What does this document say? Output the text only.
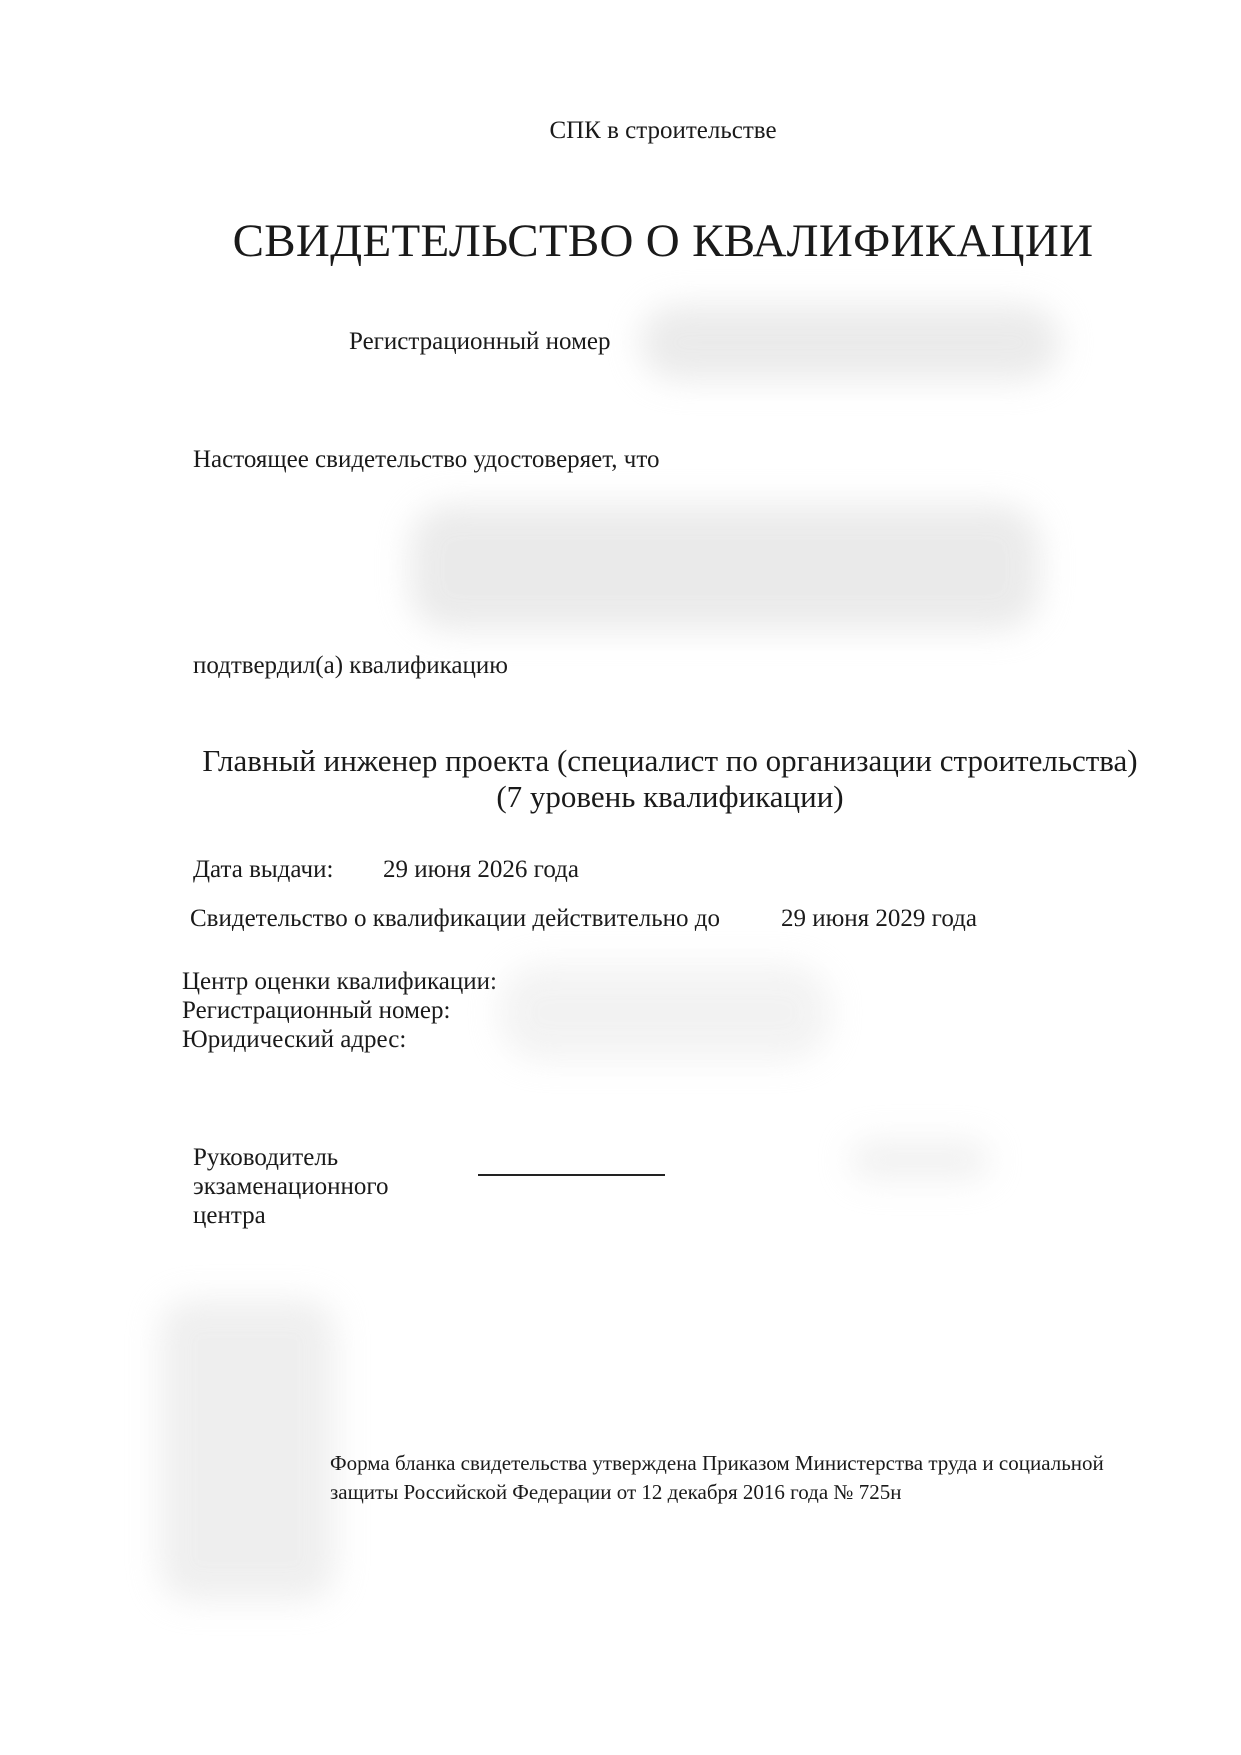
СПК в строительстве
СВИДЕТЕЛЬСТВО О КВАЛИФИКАЦИИ
Регистрационный номер
Настоящее свидетельство удостоверяет, что
подтвердил(а) квалификацию
Главный инженер проекта (специалист по организации строительства) (7 уровень квалификации)
Дата выдачи: 29 июня 2026 года
Свидетельство о квалификации действительно до 29 июня 2029 года
Центр оценки квалификации:
Регистрационный номер:
Юридический адрес:
Руководитель экзаменационного центра
Форма бланка свидетельства утверждена Приказом Министерства труда и социальной защиты Российской Федерации от 12 декабря 2016 года № 725н
